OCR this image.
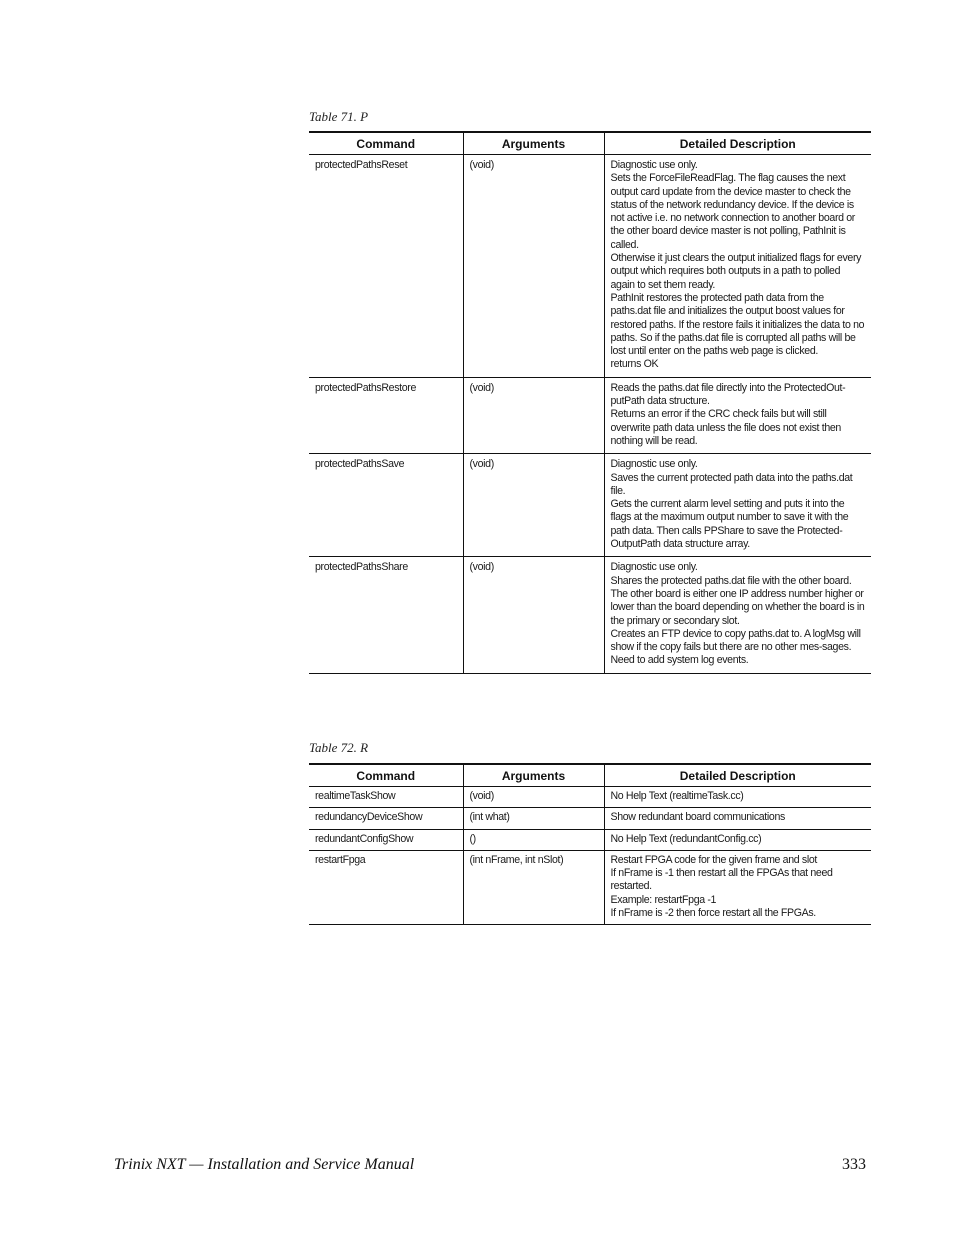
Table 71. P
Command	Arguments	Detailed Description
protectedPathsReset	(void)	Diagnostic use only.
Sets the ForceFileReadFlag. The flag causes the next output card update from the device master to check the status of the network redundancy device. If the device is not active i.e. no network connection to another board or the other board device master is not polling, PathInit is called.
Otherwise it just clears the output initialized flags for every output which requires both outputs in a path to polled again to set them ready.
PathInit restores the protected path data from the paths.dat file and initializes the output boost values for restored paths. If the restore fails it initializes the data to no paths. So if the paths.dat file is corrupted all paths will be lost until enter on the paths web page is clicked.
returns OK
protectedPathsRestore	(void)	Reads the paths.dat file directly into the ProtectedOut-putPath data structure.
Returns an error if the CRC check fails but will still overwrite path data unless the file does not exist then nothing will be read.
protectedPathsSave	(void)	Diagnostic use only.
Saves the current protected path data into the paths.dat file.
Gets the current alarm level setting and puts it into the flags at the maximum output number to save it with the path data. Then calls PPShare to save the Protected-OutputPath data structure array.
protectedPathsShare	(void)	Diagnostic use only.
Shares the protected paths.dat file with the other board. The other board is either one IP address number higher or lower than the board depending on whether the board is in the primary or secondary slot.
Creates an FTP device to copy paths.dat to. A logMsg will show if the copy fails but there are no other mes-sages. Need to add system log events.
Table 72. R
Command	Arguments	Detailed Description
realtimeTaskShow	(void)	No Help Text (realtimeTask.cc)
redundancyDeviceShow	(int what)	Show redundant board communications
redundantConfigShow	()	No Help Text (redundantConfig.cc)
restartFpga	(int nFrame, int nSlot)	Restart FPGA code for the given frame and slot
If nFrame is -1 then restart all the FPGAs that need restarted.
Example: restartFpga -1
If nFrame is -2 then force restart all the FPGAs.
Trinix NXT — Installation and Service Manual	333
